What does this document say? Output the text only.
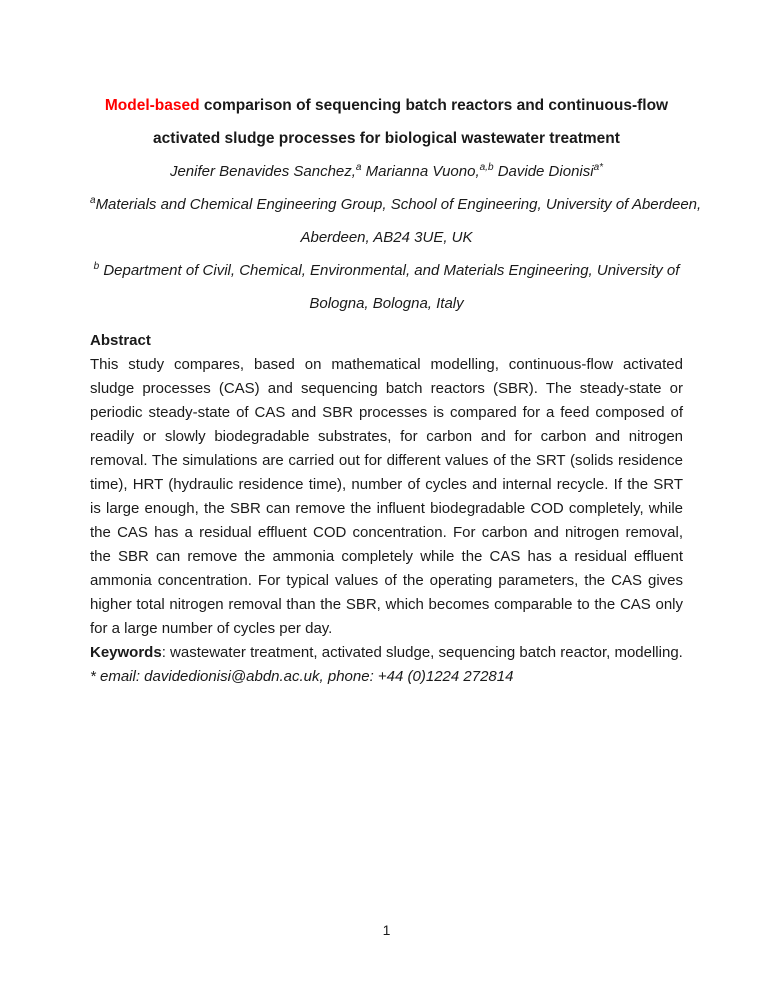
Model-based comparison of sequencing batch reactors and continuous-flow
activated sludge processes for biological wastewater treatment
Jenifer Benavides Sanchez,$^a$ Marianna Vuono,$^{a,b}$ Davide Dionisi$^{a*}$
$^a$Materials and Chemical Engineering Group, School of Engineering, University of Aberdeen,
Aberdeen, AB24 3UE, UK
$^b$ Department of Civil, Chemical, Environmental, and Materials Engineering, University of
Bologna, Bologna, Italy
Abstract
This study compares, based on mathematical modelling, continuous-flow activated sludge processes (CAS) and sequencing batch reactors (SBR). The steady-state or periodic steady-state of CAS and SBR processes is compared for a feed composed of readily or slowly biodegradable substrates, for carbon and for carbon and nitrogen removal. The simulations are carried out for different values of the SRT (solids residence time), HRT (hydraulic residence time), number of cycles and internal recycle. If the SRT is large enough, the SBR can remove the influent biodegradable COD completely, while the CAS has a residual effluent COD concentration. For carbon and nitrogen removal, the SBR can remove the ammonia completely while the CAS has a residual effluent ammonia concentration. For typical values of the operating parameters, the CAS gives higher total nitrogen removal than the SBR, which becomes comparable to the CAS only for a large number of cycles per day.
Keywords: wastewater treatment, activated sludge, sequencing batch reactor, modelling.
* email: davidedionisi@abdn.ac.uk, phone: +44 (0)1224 272814
1
